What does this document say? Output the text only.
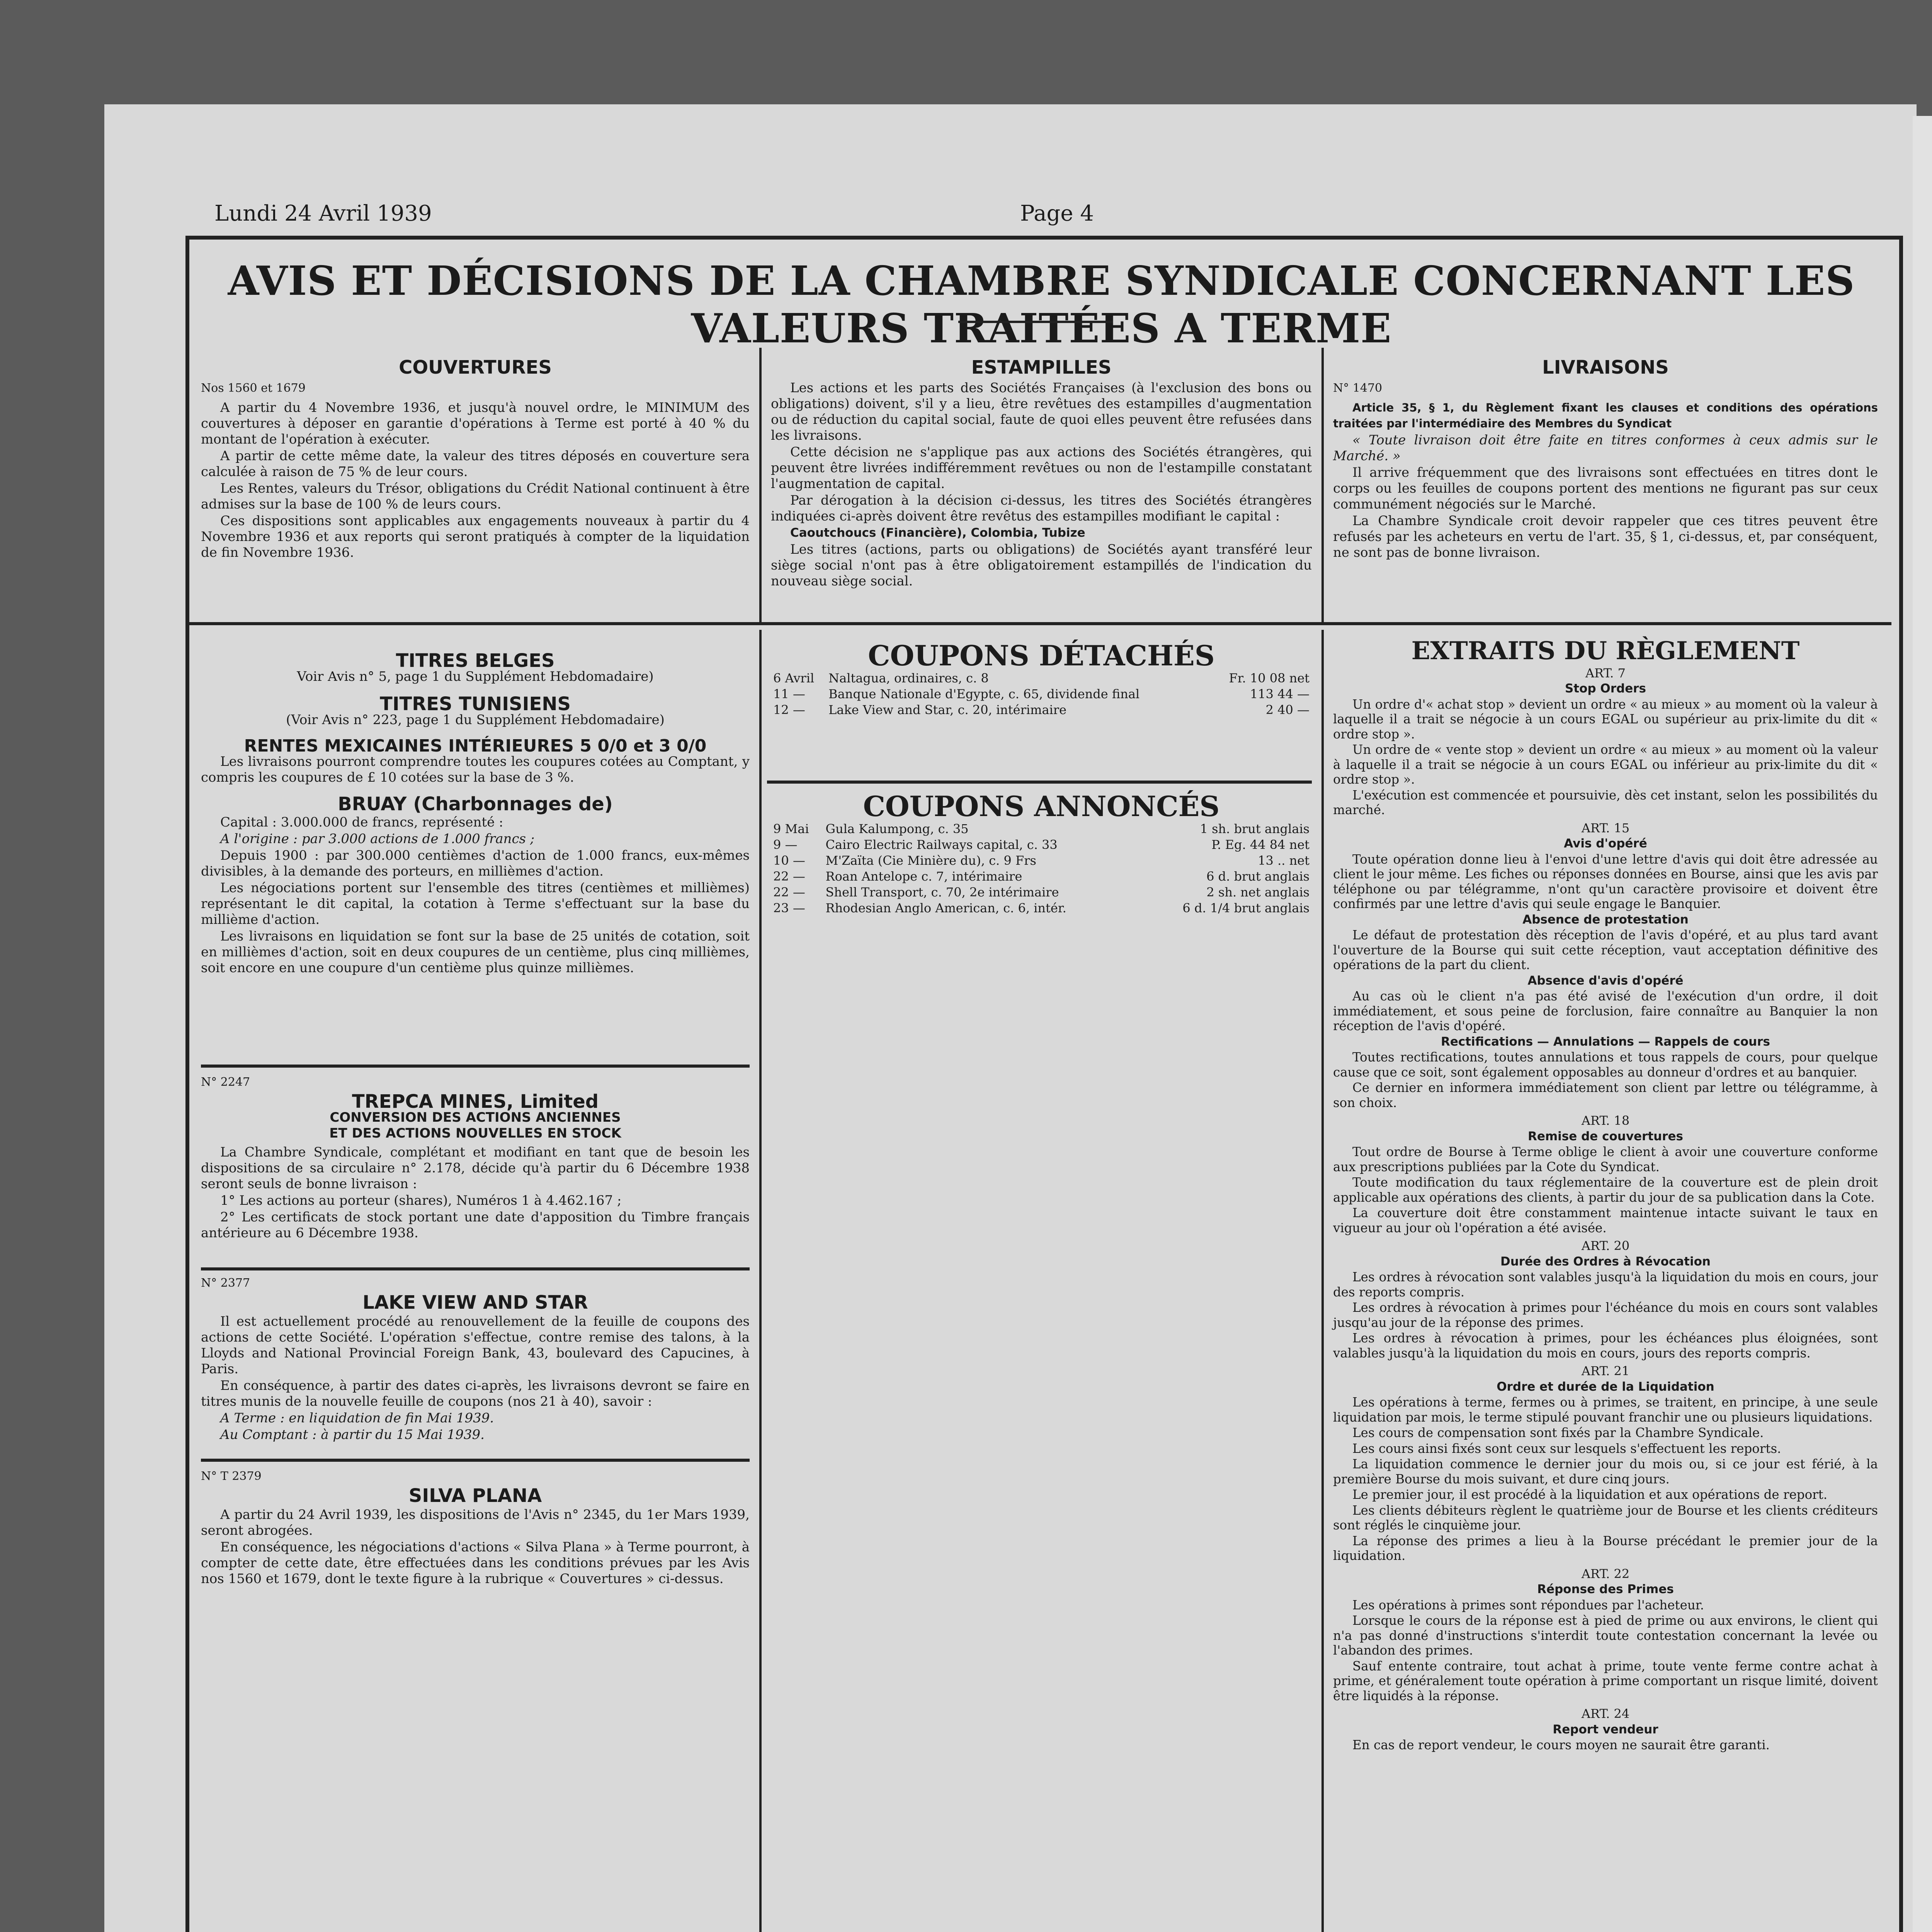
Lundi 24 Avril 1939	Page 4
AVIS ET DÉCISIONS DE LA CHAMBRE SYNDICALE CONCERNANT LES VALEURS TRAITÉES A TERME
COUVERTURES
Nos 1560 et 1679

A partir du 4 Novembre 1936, et jusqu'à nouvel ordre, le MINIMUM des couvertures à déposer en garantie d'opérations à Terme est porté à 40 % du montant de l'opération à exécuter.

A partir de cette même date, la valeur des titres déposés en couverture sera calculée à raison de 75 % de leur cours.

Les Rentes, valeurs du Trésor, obligations du Crédit National continuent à être admises sur la base de 100 % de leurs cours.

Ces dispositions sont applicables aux engagements nouveaux à partir du 4 Novembre 1936 et aux reports qui seront pratiqués à compter de la liquidation de fin Novembre 1936.

ESTAMPILLES

Les actions et les parts des Sociétés Françaises (à l'exclusion des bons ou obligations) doivent, s'il y a lieu, être revêtues des estampilles d'augmentation ou de réduction du capital social, faute de quoi elles peuvent être refusées dans les livraisons.

Cette décision ne s'applique pas aux actions des Sociétés étrangères, qui peuvent être livrées indifféremment revêtues ou non de l'estampille constatant l'augmentation de capital.

Par dérogation à la décision ci-dessus, les titres des Sociétés étrangères indiquées ci-après doivent être revêtus des estampilles modifiant le capital :

Caoutchoucs (Financière), Colombia, Tubize

Les titres (actions, parts ou obligations) de Sociétés ayant transféré leur siège social n'ont pas à être obligatoirement estampillés de l'indication du nouveau siège social.

LIVRAISONS
N° 1470

Article 35, § 1, du Règlement fixant les clauses et conditions des opérations traitées par l'intermédiaire des Membres du Syndicat

« Toute livraison doit être faite en titres conformes à ceux admis sur le Marché. »

Il arrive fréquemment que des livraisons sont effectuées en titres dont le corps ou les feuilles de coupons portent des mentions ne figurant pas sur ceux communément négociés sur le Marché.

La Chambre Syndicale croit devoir rappeler que ces titres peuvent être refusés par les acheteurs en vertu de l'art. 35, § 1, ci-dessus, et, par conséquent, ne sont pas de bonne livraison.

TITRES BELGES
Voir Avis n° 5, page 1 du Supplément Hebdomadaire)
TITRES TUNISIENS
(Voir Avis n° 223, page 1 du Supplément Hebdomadaire)
RENTES MEXICAINES INTÉRIEURES 5 0/0 et 3 0/0

Les livraisons pourront comprendre toutes les coupures cotées au Comptant, y compris les coupures de £ 10 cotées sur la base de 3 %.

BRUAY (Charbonnages de)

Capital : 3.000.000 de francs, représenté :

A l'origine : par 3.000 actions de 1.000 francs ;

Depuis 1900 : par 300.000 centièmes d'action de 1.000 francs, eux-mêmes divisibles, à la demande des porteurs, en millièmes d'action.

Les négociations portent sur l'ensemble des titres (centièmes et millièmes) représentant le dit capital, la cotation à Terme s'effectuant sur la base du millième d'action.

Les livraisons en liquidation se font sur la base de 25 unités de cotation, soit en millièmes d'action, soit en deux coupures de un centième, plus cinq millièmes, soit encore en une coupure d'un centième plus quinze millièmes.

N° 2247
TREPCA MINES, Limited
CONVERSION DES ACTIONS ANCIENNES
ET DES ACTIONS NOUVELLES EN STOCK

La Chambre Syndicale, complétant et modifiant en tant que de besoin les dispositions de sa circulaire n° 2.178, décide qu'à partir du 6 Décembre 1938 seront seuls de bonne livraison :

1° Les actions au porteur (shares), Numéros 1 à 4.462.167 ;

2° Les certificats de stock portant une date d'apposition du Timbre français antérieure au 6 Décembre 1938.

N° 2377
LAKE VIEW AND STAR

Il est actuellement procédé au renouvellement de la feuille de coupons des actions de cette Société. L'opération s'effectue, contre remise des talons, à la Lloyds and National Provincial Foreign Bank, 43, boulevard des Capucines, à Paris.

En conséquence, à partir des dates ci-après, les livraisons devront se faire en titres munis de la nouvelle feuille de coupons (nos 21 à 40), savoir :

A Terme : en liquidation de fin Mai 1939.

Au Comptant : à partir du 15 Mai 1939.

N° T 2379
SILVA PLANA

A partir du 24 Avril 1939, les dispositions de l'Avis n° 2345, du 1er Mars 1939, seront abrogées.

En conséquence, les négociations d'actions « Silva Plana » à Terme pourront, à compter de cette date, être effectuées dans les conditions prévues par les Avis nos 1560 et 1679, dont le texte figure à la rubrique « Couvertures » ci-dessus.

COUPONS DÉTACHÉS
6 Avril	Naltagua, ordinaires, c. 8	Fr. 10 08 net
11 —	Banque Nationale d'Egypte, c. 65, dividende final	113 44 —
12 —	Lake View and Star, c. 20, intérimaire	2 40 —
COUPONS ANNONCÉS
9 Mai	Gula Kalumpong, c. 35	1 sh. brut anglais
9 —	Cairo Electric Railways capital, c. 33	P. Eg. 44 84 net
10 —	M'Zaïta (Cie Minière du), c. 9 Frs	13 .. net
22 —	Roan Antelope c. 7, intérimaire	6 d. brut anglais
22 —	Shell Transport, c. 70, 2e intérimaire	2 sh. net anglais
23 —	Rhodesian Anglo American, c. 6, intér.	6 d. 1/4 brut anglais
EXTRAITS DU RÈGLEMENT
ART. 7
Stop Orders

Un ordre d'« achat stop » devient un ordre « au mieux » au moment où la valeur à laquelle il a trait se négocie à un cours EGAL ou supérieur au prix-limite du dit « ordre stop ».

Un ordre de « vente stop » devient un ordre « au mieux » au moment où la valeur à laquelle il a trait se négocie à un cours EGAL ou inférieur au prix-limite du dit « ordre stop ».

L'exécution est commencée et poursuivie, dès cet instant, selon les possibilités du marché.

ART. 15
Avis d'opéré

Toute opération donne lieu à l'envoi d'une lettre d'avis qui doit être adressée au client le jour même. Les fiches ou réponses données en Bourse, ainsi que les avis par téléphone ou par télégramme, n'ont qu'un caractère provisoire et doivent être confirmés par une lettre d'avis qui seule engage le Banquier.

Absence de protestation

Le défaut de protestation dès réception de l'avis d'opéré, et au plus tard avant l'ouverture de la Bourse qui suit cette réception, vaut acceptation définitive des opérations de la part du client.

Absence d'avis d'opéré

Au cas où le client n'a pas été avisé de l'exécution d'un ordre, il doit immédiatement, et sous peine de forclusion, faire connaître au Banquier la non réception de l'avis d'opéré.

Rectifications — Annulations — Rappels de cours

Toutes rectifications, toutes annulations et tous rappels de cours, pour quelque cause que ce soit, sont également opposables au donneur d'ordres et au banquier.

Ce dernier en informera immédiatement son client par lettre ou télégramme, à son choix.

ART. 18
Remise de couvertures

Tout ordre de Bourse à Terme oblige le client à avoir une couverture conforme aux prescriptions publiées par la Cote du Syndicat.

Toute modification du taux réglementaire de la couverture est de plein droit applicable aux opérations des clients, à partir du jour de sa publication dans la Cote.

La couverture doit être constamment maintenue intacte suivant le taux en vigueur au jour où l'opération a été avisée.

ART. 20
Durée des Ordres à Révocation

Les ordres à révocation sont valables jusqu'à la liquidation du mois en cours, jour des reports compris.

Les ordres à révocation à primes pour l'échéance du mois en cours sont valables jusqu'au jour de la réponse des primes.

Les ordres à révocation à primes, pour les échéances plus éloignées, sont valables jusqu'à la liquidation du mois en cours, jours des reports compris.

ART. 21
Ordre et durée de la Liquidation

Les opérations à terme, fermes ou à primes, se traitent, en principe, à une seule liquidation par mois, le terme stipulé pouvant franchir une ou plusieurs liquidations.

Les cours de compensation sont fixés par la Chambre Syndicale.

Les cours ainsi fixés sont ceux sur lesquels s'effectuent les reports.

La liquidation commence le dernier jour du mois ou, si ce jour est férié, à la première Bourse du mois suivant, et dure cinq jours.

Le premier jour, il est procédé à la liquidation et aux opérations de report.

Les clients débiteurs règlent le quatrième jour de Bourse et les clients créditeurs sont réglés le cinquième jour.

La réponse des primes a lieu à la Bourse précédant le premier jour de la liquidation.

ART. 22
Réponse des Primes

Les opérations à primes sont répondues par l'acheteur.

Lorsque le cours de la réponse est à pied de prime ou aux environs, le client qui n'a pas donné d'instructions s'interdit toute contestation concernant la levée ou l'abandon des primes.

Sauf entente contraire, tout achat à prime, toute vente ferme contre achat à prime, et généralement toute opération à prime comportant un risque limité, doivent être liquidés à la réponse.

ART. 24
Report vendeur

En cas de report vendeur, le cours moyen ne saurait être garanti.
